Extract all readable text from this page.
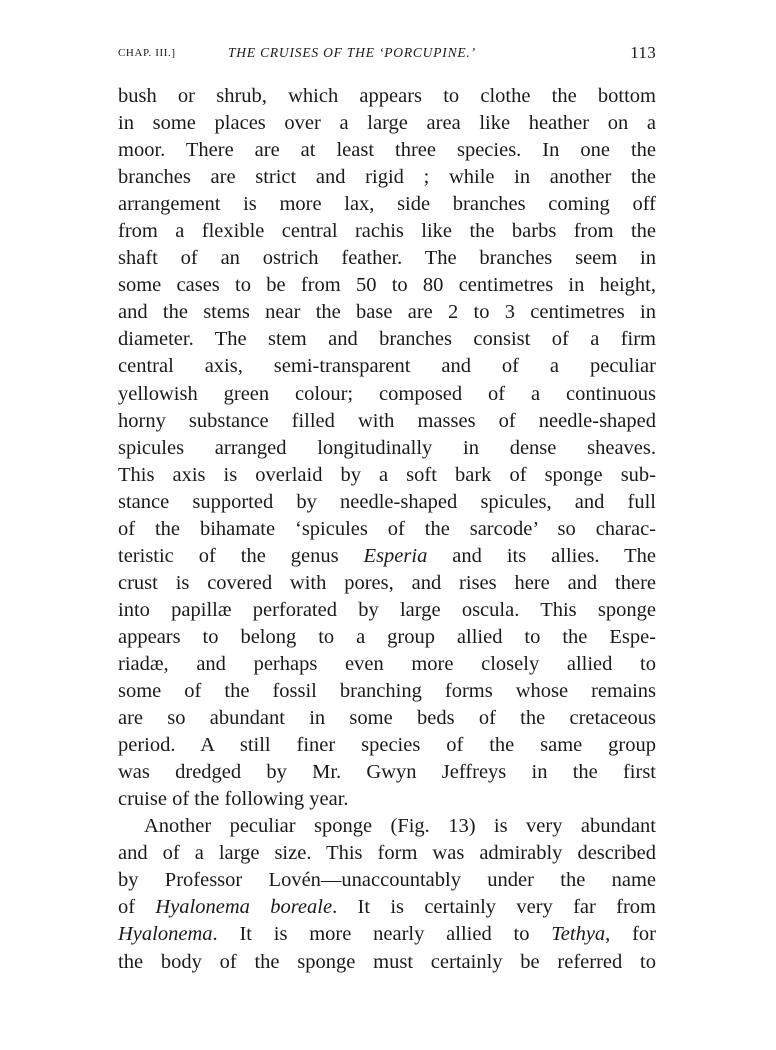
CHAP. III.]	THE CRUISES OF THE ‘PORCUPINE.’	113
bush or shrub, which appears to clothe the bottom
in some places over a large area like heather on a
moor. There are at least three species. In one the
branches are strict and rigid ; while in another the
arrangement is more lax, side branches coming off
from a flexible central rachis like the barbs from the
shaft of an ostrich feather. The branches seem in
some cases to be from 50 to 80 centimetres in height,
and the stems near the base are 2 to 3 centimetres in
diameter. The stem and branches consist of a firm
central axis, semi-transparent and of a peculiar
yellowish green colour; composed of a continuous
horny substance filled with masses of needle-shaped
spicules arranged longitudinally in dense sheaves.
This axis is overlaid by a soft bark of sponge sub-
stance supported by needle-shaped spicules, and full
of the bihamate ‘spicules of the sarcode’ so charac-
teristic of the genus Esperia and its allies. The
crust is covered with pores, and rises here and there
into papillæ perforated by large oscula. This sponge
appears to belong to a group allied to the Espe-
riadæ, and perhaps even more closely allied to
some of the fossil branching forms whose remains
are so abundant in some beds of the cretaceous
period. A still finer species of the same group
was dredged by Mr. Gwyn Jeffreys in the first
cruise of the following year.
Another peculiar sponge (Fig. 13) is very abundant
and of a large size. This form was admirably described
by Professor Lovén—unaccountably under the name
of Hyalonema boreale. It is certainly very far from
Hyalonema. It is more nearly allied to Tethya, for
the body of the sponge must certainly be referred to
